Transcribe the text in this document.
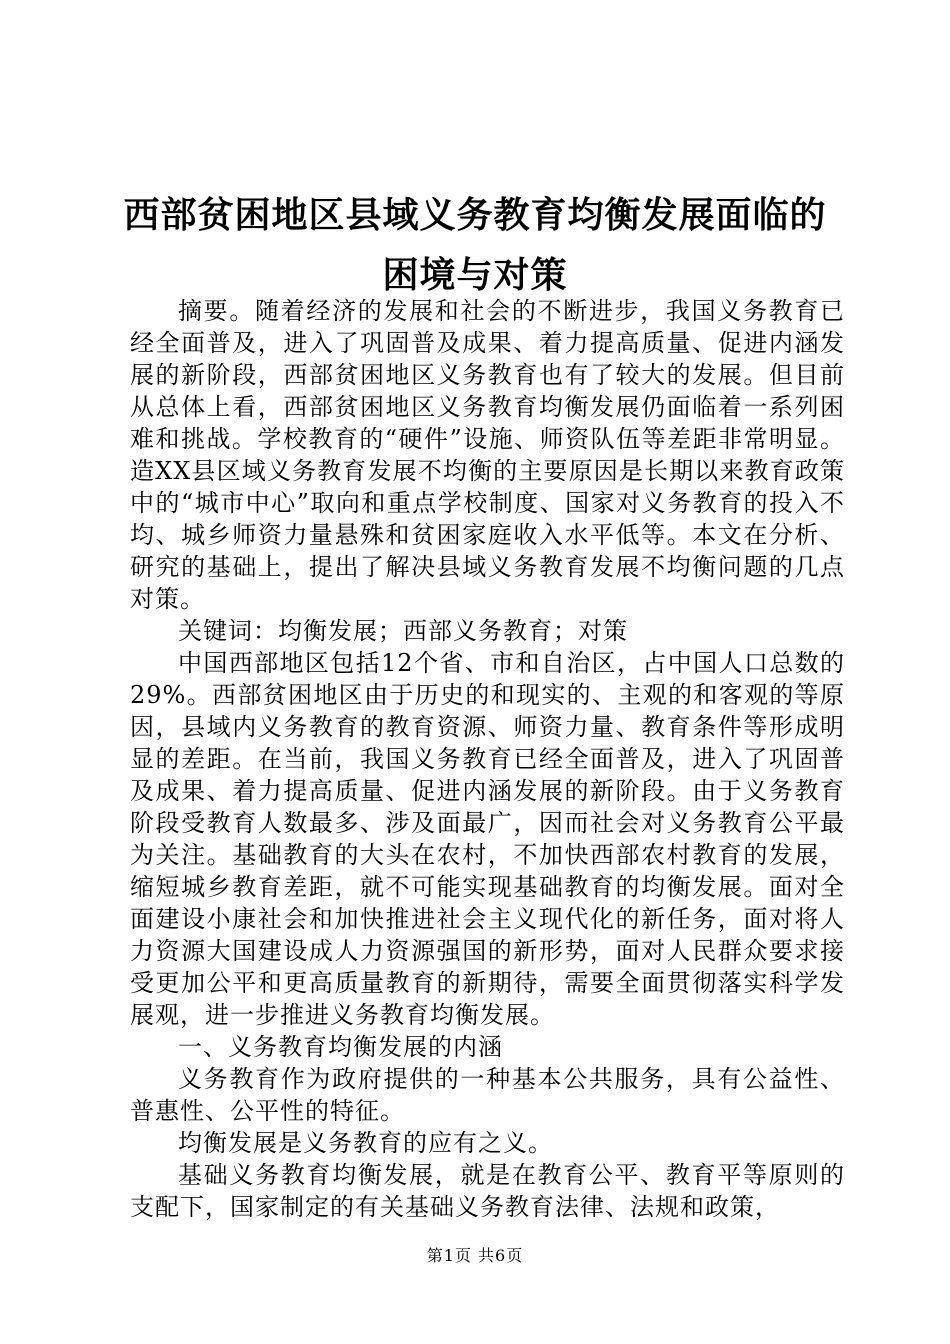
西部贫困地区县域义务教育均衡发展面临的困境与对策

摘要。随着经济的发展和社会的不断进步，我国义务教育已经全面普及，进入了巩固普及成果、着力提高质量、促进内涵发展的新阶段，西部贫困地区义务教育也有了较大的发展。但目前从总体上看，西部贫困地区义务教育均衡发展仍面临着一系列困难和挑战。学校教育的“硬件”设施、师资队伍等差距非常明显。造XX县区域义务教育发展不均衡的主要原因是长期以来教育政策中的“城市中心”取向和重点学校制度、国家对义务教育的投入不均、城乡师资力量悬殊和贫困家庭收入水平低等。本文在分析、研究的基础上，提出了解决县域义务教育发展不均衡问题的几点对策。

关键词：均衡发展；西部义务教育；对策

中国西部地区包括12个省、市和自治区，占中国人口总数的29%。西部贫困地区由于历史的和现实的、主观的和客观的等原因，县域内义务教育的教育资源、师资力量、教育条件等形成明显的差距。在当前，我国义务教育已经全面普及，进入了巩固普及成果、着力提高质量、促进内涵发展的新阶段。由于义务教育阶段受教育人数最多、涉及面最广，因而社会对义务教育公平最为关注。基础教育的大头在农村，不加快西部农村教育的发展，缩短城乡教育差距，就不可能实现基础教育的均衡发展。面对全面建设小康社会和加快推进社会主义现代化的新任务，面对将人力资源大国建设成人力资源强国的新形势，面对人民群众要求接受更加公平和更高质量教育的新期待，需要全面贯彻落实科学发展观，进一步推进义务教育均衡发展。

一、义务教育均衡发展的内涵

义务教育作为政府提供的一种基本公共服务，具有公益性、普惠性、公平性的特征。

均衡发展是义务教育的应有之义。

基础义务教育均衡发展，就是在教育公平、教育平等原则的支配下，国家制定的有关基础义务教育法律、法规和政策，

第1页 共6页
